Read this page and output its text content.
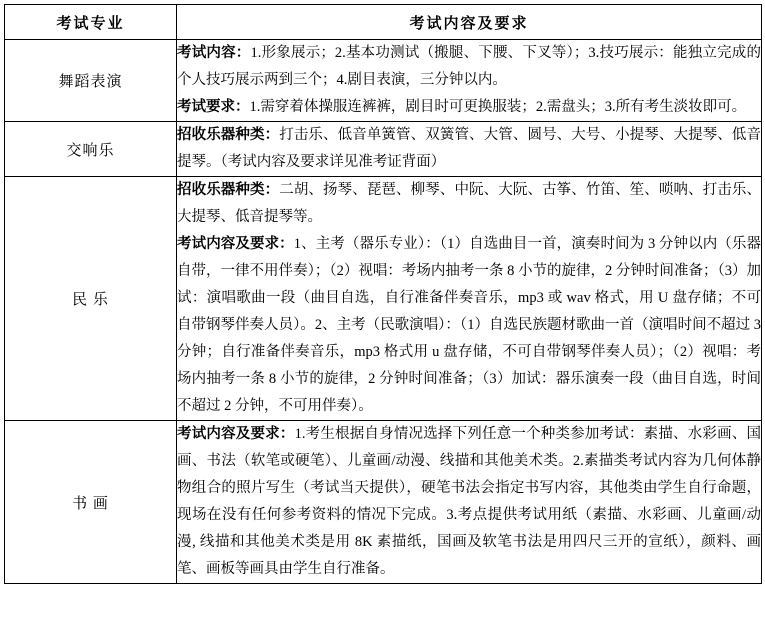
考试专业	考试内容及要求
舞蹈表演	考试内容：1.形象展示；2.基本功测试（搬腿、下腰、下叉等）；3.技巧展示：能独立完成的个人技巧展示两到三个；4.剧目表演，三分钟以内。

考试要求：1.需穿着体操服连裤裤，剧目时可更换服装；2.需盘头；3.所有考生淡妆即可。

交响乐	招收乐器种类：打击乐、低音单簧管、双簧管、大管、圆号、大号、小提琴、大提琴、低音提琴。（考试内容及要求详见准考证背面）

民 乐	招收乐器种类：二胡、扬琴、琵琶、柳琴、中阮、大阮、古筝、竹笛、笙、唢呐、打击乐、大提琴、低音提琴等。

考试内容及要求：1、主考（器乐专业）：（1）自选曲目一首，演奏时间为 3 分钟以内（乐器自带，一律不用伴奏）；（2）视唱：考场内抽考一条 8 小节的旋律，2 分钟时间准备；（3）加试：演唱歌曲一段（曲目自选，自行准备伴奏音乐，mp3 或 wav 格式，用 U 盘存储；不可自带钢琴伴奏人员）。2、主考（民歌演唱）：（1）自选民族题材歌曲一首（演唱时间不超过 3 分钟；自行准备伴奏音乐，mp3 格式用 u 盘存储，不可自带钢琴伴奏人员）；（2）视唱：考场内抽考一条 8 小节的旋律，2 分钟时间准备；（3）加试：器乐演奏一段（曲目自选，时间不超过 2 分钟，不可用伴奏）。

书 画	考试内容及要求：1.考生根据自身情况选择下列任意一个种类参加考试：素描、水彩画、国画、书法（软笔或硬笔）、儿童画/动漫、线描和其他美术类。2.素描类考试内容为几何体静物组合的照片写生（考试当天提供），硬笔书法会指定书写内容，其他类由学生自行命题，现场在没有任何参考资料的情况下完成。3.考点提供考试用纸（素描、水彩画、儿童画/动漫, 线描和其他美术类是用 8K 素描纸，国画及软笔书法是用四尺三开的宣纸），颜料、画笔、画板等画具由学生自行准备。
